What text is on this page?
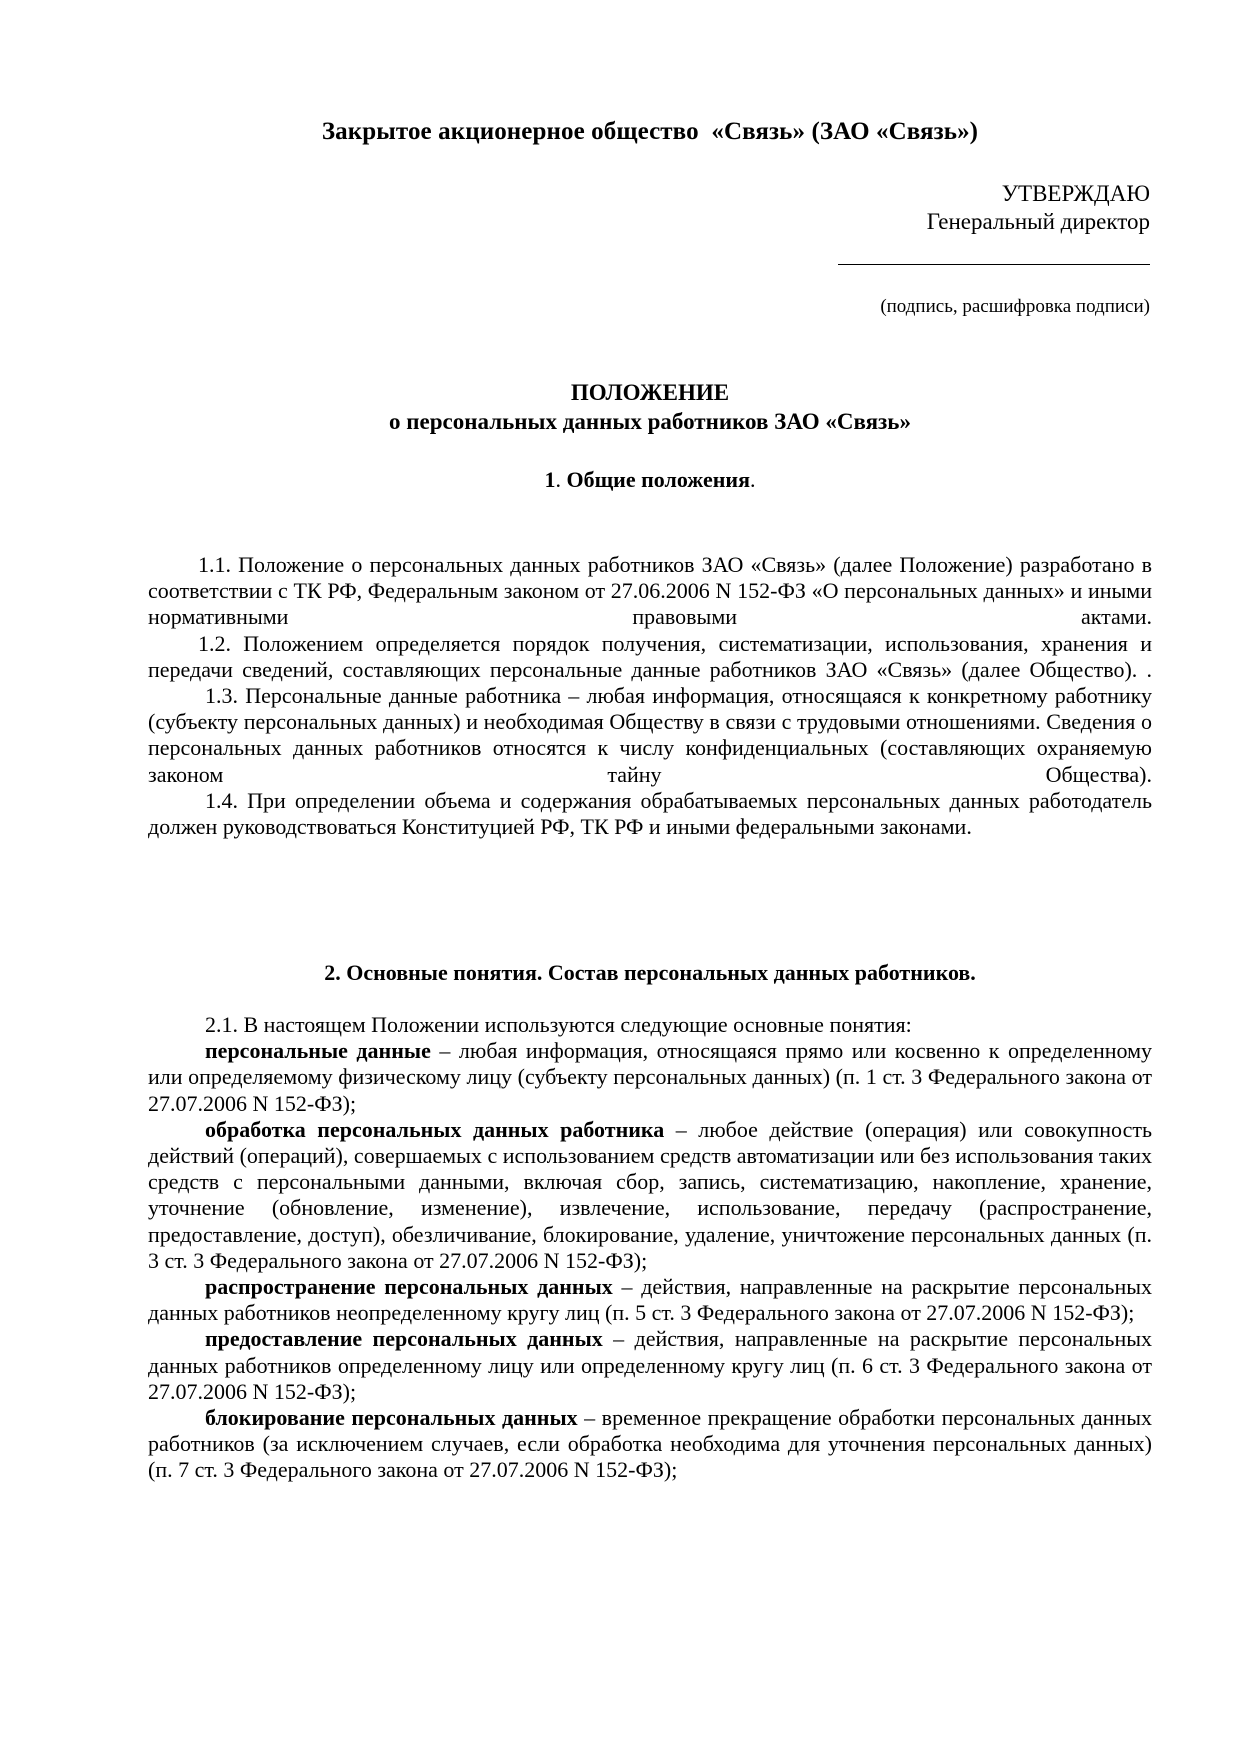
Закрытое акционерное общество  «Связь» (ЗАО «Связь»)
УТВЕРЖДАЮ
Генеральный директор
(подпись, расшифровка подписи)
ПОЛОЖЕНИЕ
о персональных данных работников ЗАО «Связь»
1. Общие положения.

1.1. Положение о персональных данных работников ЗАО «Связь» (далее Положение) разработано в соответствии с ТК РФ, Федеральным законом от 27.06.2006 N 152-ФЗ «О персональных данных» и иными нормативными правовыми актами.

1.2. Положением определяется порядок получения, систематизации, использования, хранения и передачи сведений, составляющих персональные данные работников ЗАО «Связь» (далее Общество). .

1.3. Персональные данные работника – любая информация, относящаяся к конкретному работнику (субъекту персональных данных) и необходимая Обществу в связи с трудовыми отношениями. Сведения о персональных данных работников относятся к числу конфиденциальных (составляющих охраняемую законом тайну Общества).

1.4. При определении объема и содержания обрабатываемых персональных данных работодатель должен руководствоваться Конституцией РФ, ТК РФ и иными федеральными законами.

2. Основные понятия. Состав персональных данных работников.

2.1. В настоящем Положении используются следующие основные понятия:

персональные данные – любая информация, относящаяся прямо или косвенно к определенному или определяемому физическому лицу (субъекту персональных данных) (п. 1 ст. 3 Федерального закона от 27.07.2006 N 152-ФЗ);

обработка персональных данных работника – любое действие (операция) или совокупность действий (операций), совершаемых с использованием средств автоматизации или без использования таких средств с персональными данными, включая сбор, запись, систематизацию, накопление, хранение, уточнение (обновление, изменение), извлечение, использование, передачу (распространение, предоставление, доступ), обезличивание, блокирование, удаление, уничтожение персональных данных (п. 3 ст. 3 Федерального закона от 27.07.2006 N 152-ФЗ);

распространение персональных данных – действия, направленные на раскрытие персональных данных работников неопределенному кругу лиц (п. 5 ст. 3 Федерального закона от 27.07.2006 N 152-ФЗ);

предоставление персональных данных – действия, направленные на раскрытие персональных данных работников определенному лицу или определенному кругу лиц (п. 6 ст. 3 Федерального закона от 27.07.2006 N 152-ФЗ);

блокирование персональных данных – временное прекращение обработки персональных данных работников (за исключением случаев, если обработка необходима для уточнения персональных данных) (п. 7 ст. 3 Федерального закона от 27.07.2006 N 152-ФЗ);
